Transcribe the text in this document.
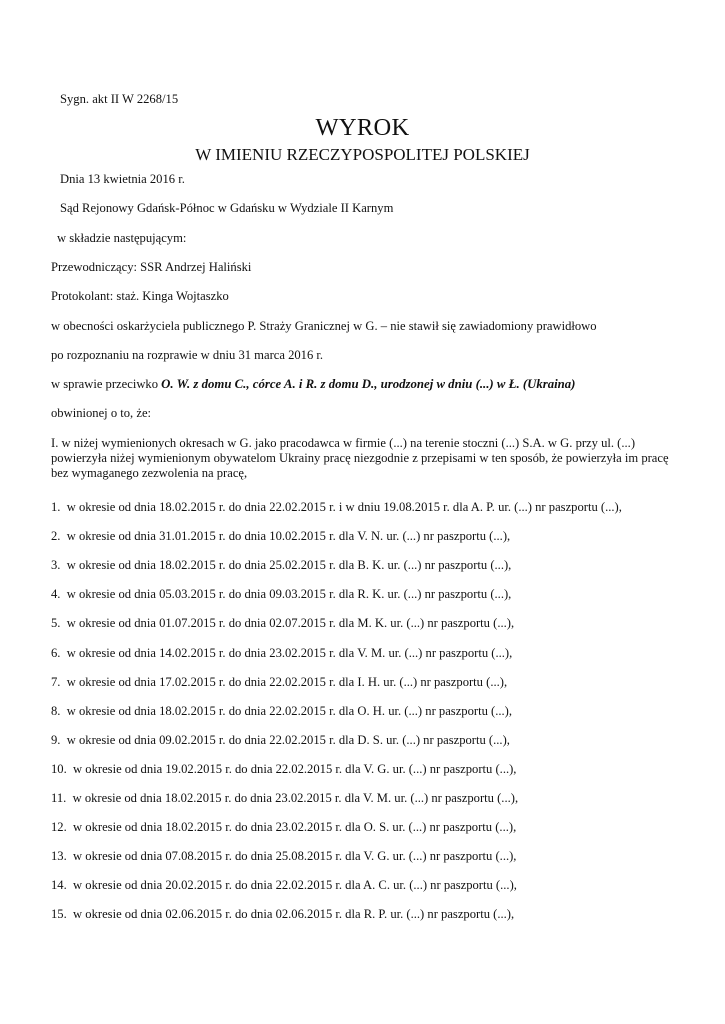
Sygn. akt II W 2268/15
WYROK
W IMIENIU RZECZYPOSPOLITEJ POLSKIEJ
Dnia 13 kwietnia 2016 r.
Sąd Rejonowy Gdańsk-Północ w Gdańsku w Wydziale II Karnym
w składzie następującym:
Przewodniczący: SSR Andrzej Haliński
Protokolant: staż. Kinga Wojtaszko
w obecności oskarżyciela publicznego P. Straży Granicznej w G. – nie stawił się zawiadomiony prawidłowo
po rozpoznaniu na rozprawie w dniu 31 marca 2016 r.
w sprawie przeciwko O. W. z domu C., córce A. i R. z domu D., urodzonej w dniu (...) w Ł. (Ukraina)
obwinionej o to, że:
I. w niżej wymienionych okresach w G. jako pracodawca w firmie (...) na terenie stoczni (...) S.A. w G. przy ul. (...) powierzyła niżej wymienionym obywatelom Ukrainy pracę niezgodnie z przepisami w ten sposób, że powierzyła im pracę bez wymaganego zezwolenia na pracę,
1. w okresie od dnia 18.02.2015 r. do dnia 22.02.2015 r. i w dniu 19.08.2015 r. dla A. P. ur. (...) nr paszportu (...),
2. w okresie od dnia 31.01.2015 r. do dnia 10.02.2015 r. dla V. N. ur. (...) nr paszportu (...),
3. w okresie od dnia 18.02.2015 r. do dnia 25.02.2015 r. dla B. K. ur. (...) nr paszportu (...),
4. w okresie od dnia 05.03.2015 r. do dnia 09.03.2015 r. dla R. K. ur. (...) nr paszportu (...),
5. w okresie od dnia 01.07.2015 r. do dnia 02.07.2015 r. dla M. K. ur. (...) nr paszportu (...),
6. w okresie od dnia 14.02.2015 r. do dnia 23.02.2015 r. dla V. M. ur. (...) nr paszportu (...),
7. w okresie od dnia 17.02.2015 r. do dnia 22.02.2015 r. dla I. H. ur. (...) nr paszportu (...),
8. w okresie od dnia 18.02.2015 r. do dnia 22.02.2015 r. dla O. H. ur. (...) nr paszportu (...),
9. w okresie od dnia 09.02.2015 r. do dnia 22.02.2015 r. dla D. S. ur. (...) nr paszportu (...),
10. w okresie od dnia 19.02.2015 r. do dnia 22.02.2015 r. dla V. G. ur. (...) nr paszportu (...),
11. w okresie od dnia 18.02.2015 r. do dnia 23.02.2015 r. dla V. M. ur. (...) nr paszportu (...),
12. w okresie od dnia 18.02.2015 r. do dnia 23.02.2015 r. dla O. S. ur. (...) nr paszportu (...),
13. w okresie od dnia 07.08.2015 r. do dnia 25.08.2015 r. dla V. G. ur. (...) nr paszportu (...),
14. w okresie od dnia 20.02.2015 r. do dnia 22.02.2015 r. dla A. C. ur. (...) nr paszportu (...),
15. w okresie od dnia 02.06.2015 r. do dnia 02.06.2015 r. dla R. P. ur. (...) nr paszportu (...),
